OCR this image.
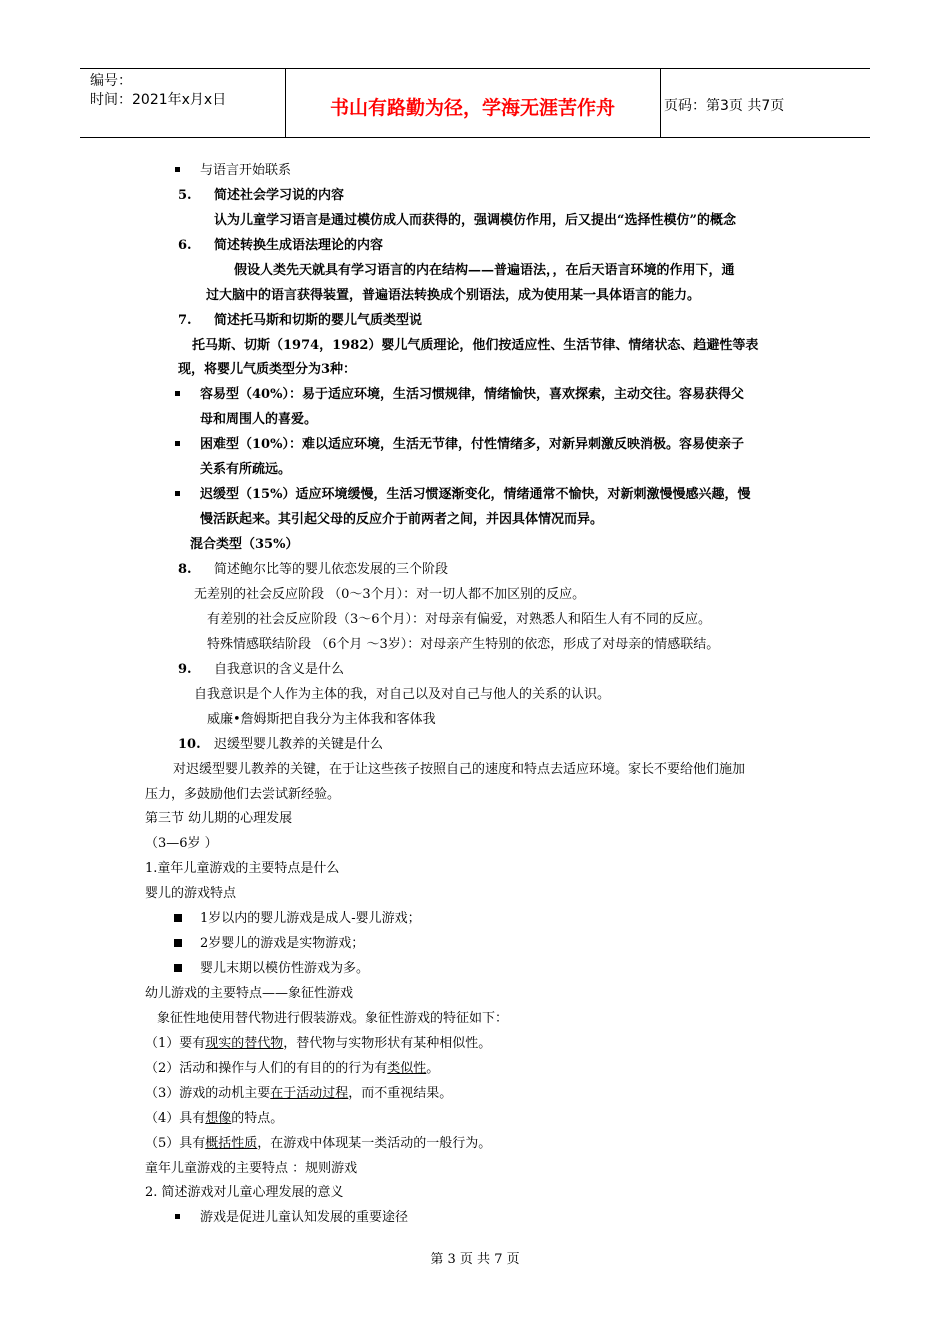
编号：
时间：2021年x月x日	书山有路勤为径，学海无涯苦作舟	页码：第3页 共7页
与语言开始联系
5. 简述社会学习说的内容
认为儿童学习语言是通过模仿成人而获得的，强调模仿作用，后又提出“选择性模仿”的概念
6. 简述转换生成语法理论的内容
假设人类先天就具有学习语言的内在结构——普遍语法，，在后天语言环境的作用下，通
过大脑中的语言获得装置，普遍语法转换成个别语法，成为使用某一具体语言的能力。
7. 简述托马斯和切斯的婴儿气质类型说
托马斯、切斯（1974，1982）婴儿气质理论，他们按适应性、生活节律、情绪状态、趋避性等表
现，将婴儿气质类型分为3种：
容易型（40%）：易于适应环境，生活习惯规律，情绪愉快，喜欢探索，主动交往。容易获得父
母和周围人的喜爱。
困难型（10%）：难以适应环境，生活无节律，付性情绪多，对新异刺激反映消极。容易使亲子
关系有所疏远。
迟缓型（15%）适应环境缓慢，生活习惯逐渐变化，情绪通常不愉快，对新刺激慢慢感兴趣，慢
慢活跃起来。其引起父母的反应介于前两者之间，并因具体情况而异。
混合类型（35%）
8. 简述鲍尔比等的婴儿依恋发展的三个阶段
无差别的社会反应阶段 （0～3个月）：对一切人都不加区别的反应。
有差别的社会反应阶段（3～6个月）：对母亲有偏爱，对熟悉人和陌生人有不同的反应。
特殊情感联结阶段 （6个月 ～3岁）：对母亲产生特别的依恋，形成了对母亲的情感联结。
9. 自我意识的含义是什么
自我意识是个人作为主体的我，对自己以及对自己与他人的关系的认识。
威廉•詹姆斯把自我分为主体我和客体我
10. 迟缓型婴儿教养的关键是什么
对迟缓型婴儿教养的关键，在于让这些孩子按照自己的速度和特点去适应环境。家长不要给他们施加
压力，多鼓励他们去尝试新经验。
第三节 幼儿期的心理发展
（3—6岁 ）
1.童年儿童游戏的主要特点是什么
婴儿的游戏特点
1岁以内的婴儿游戏是成人-婴儿游戏；
2岁婴儿的游戏是实物游戏；
婴儿末期以模仿性游戏为多。
幼儿游戏的主要特点——象征性游戏
象征性地使用替代物进行假装游戏。象征性游戏的特征如下：
（1）要有现实的替代物，替代物与实物形状有某种相似性。
（2）活动和操作与人们的有目的的行为有类似性。
（3）游戏的动机主要在于活动过程，而不重视结果。
（4）具有想像的特点。
（5）具有概括性质，在游戏中体现某一类活动的一般行为。
童年儿童游戏的主要特点 ：规则游戏
2. 简述游戏对儿童心理发展的意义
游戏是促进儿童认知发展的重要途径
第 3 页 共 7 页
